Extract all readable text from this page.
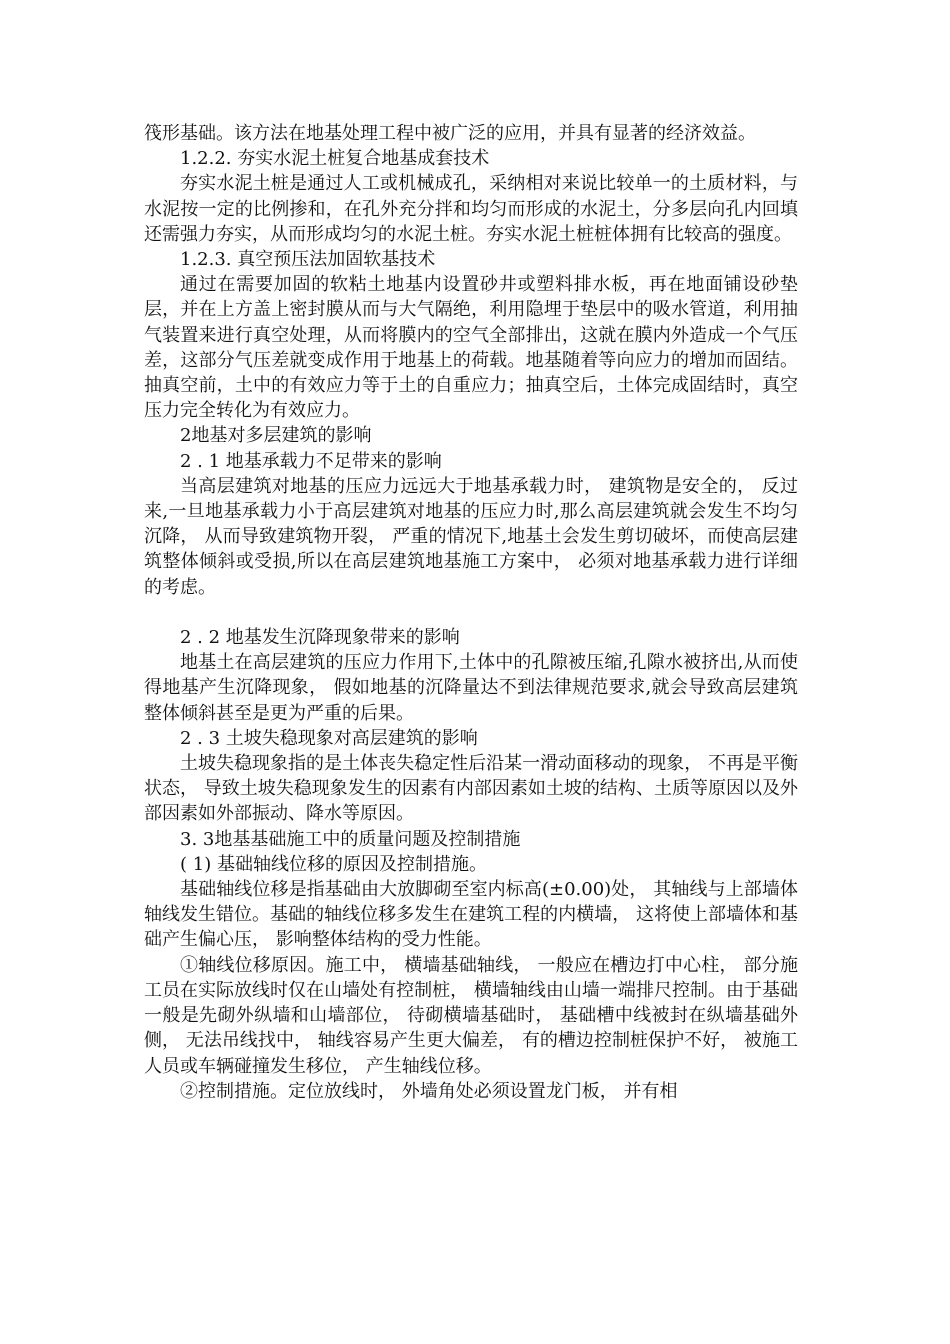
筏形基础。该方法在地基处理工程中被广泛的应用，并具有显著的经济效益。

1.2.2. 夯实水泥土桩复合地基成套技术

夯实水泥土桩是通过人工或机械成孔，采纳相对来说比较单一的土质材料，与水泥按一定的比例掺和，在孔外充分拌和均匀而形成的水泥土，分多层向孔内回填还需强力夯实，从而形成均匀的水泥土桩。夯实水泥土桩桩体拥有比较高的强度。

1.2.3. 真空预压法加固软基技术

通过在需要加固的软粘土地基内设置砂井或塑料排水板，再在地面铺设砂垫层，并在上方盖上密封膜从而与大气隔绝，利用隐埋于垫层中的吸水管道，利用抽气装置来进行真空处理，从而将膜内的空气全部排出，这就在膜内外造成一个气压差，这部分气压差就变成作用于地基上的荷载。地基随着等向应力的增加而固结。抽真空前，土中的有效应力等于土的自重应力；抽真空后，土体完成固结时，真空压力完全转化为有效应力。

2地基对多层建筑的影响

2 . 1 地基承载力不足带来的影响

当高层建筑对地基的压应力远远大于地基承载力时， 建筑物是安全的， 反过来,一旦地基承载力小于高层建筑对地基的压应力时,那么高层建筑就会发生不均匀沉降， 从而导致建筑物开裂， 严重的情况下,地基土会发生剪切破坏，而使高层建筑整体倾斜或受损,所以在高层建筑地基施工方案中， 必须对地基承载力进行详细的考虑。

2 . 2 地基发生沉降现象带来的影响

地基土在高层建筑的压应力作用下,土体中的孔隙被压缩,孔隙水被挤出,从而使得地基产生沉降现象， 假如地基的沉降量达不到法律规范要求,就会导致高层建筑整体倾斜甚至是更为严重的后果。

2 . 3 土坡失稳现象对高层建筑的影响

土坡失稳现象指的是土体丧失稳定性后沿某一滑动面移动的现象， 不再是平衡状态， 导致土坡失稳现象发生的因素有内部因素如土坡的结构、土质等原因以及外部因素如外部振动、降水等原因。

3. 3地基基础施工中的质量问题及控制措施

( 1) 基础轴线位移的原因及控制措施。

基础轴线位移是指基础由大放脚砌至室内标高(±0.00)处， 其轴线与上部墙体轴线发生错位。基础的轴线位移多发生在建筑工程的内横墙， 这将使上部墙体和基础产生偏心压， 影响整体结构的受力性能。

①轴线位移原因。施工中， 横墙基础轴线， 一般应在槽边打中心柱， 部分施工员在实际放线时仅在山墙处有控制桩， 横墙轴线由山墙一端排尺控制。由于基础一般是先砌外纵墙和山墙部位， 待砌横墙基础时， 基础槽中线被封在纵墙基础外侧， 无法吊线找中， 轴线容易产生更大偏差， 有的槽边控制桩保护不好， 被施工人员或车辆碰撞发生移位， 产生轴线位移。

②控制措施。定位放线时， 外墙角处必须设置龙门板， 并有相
